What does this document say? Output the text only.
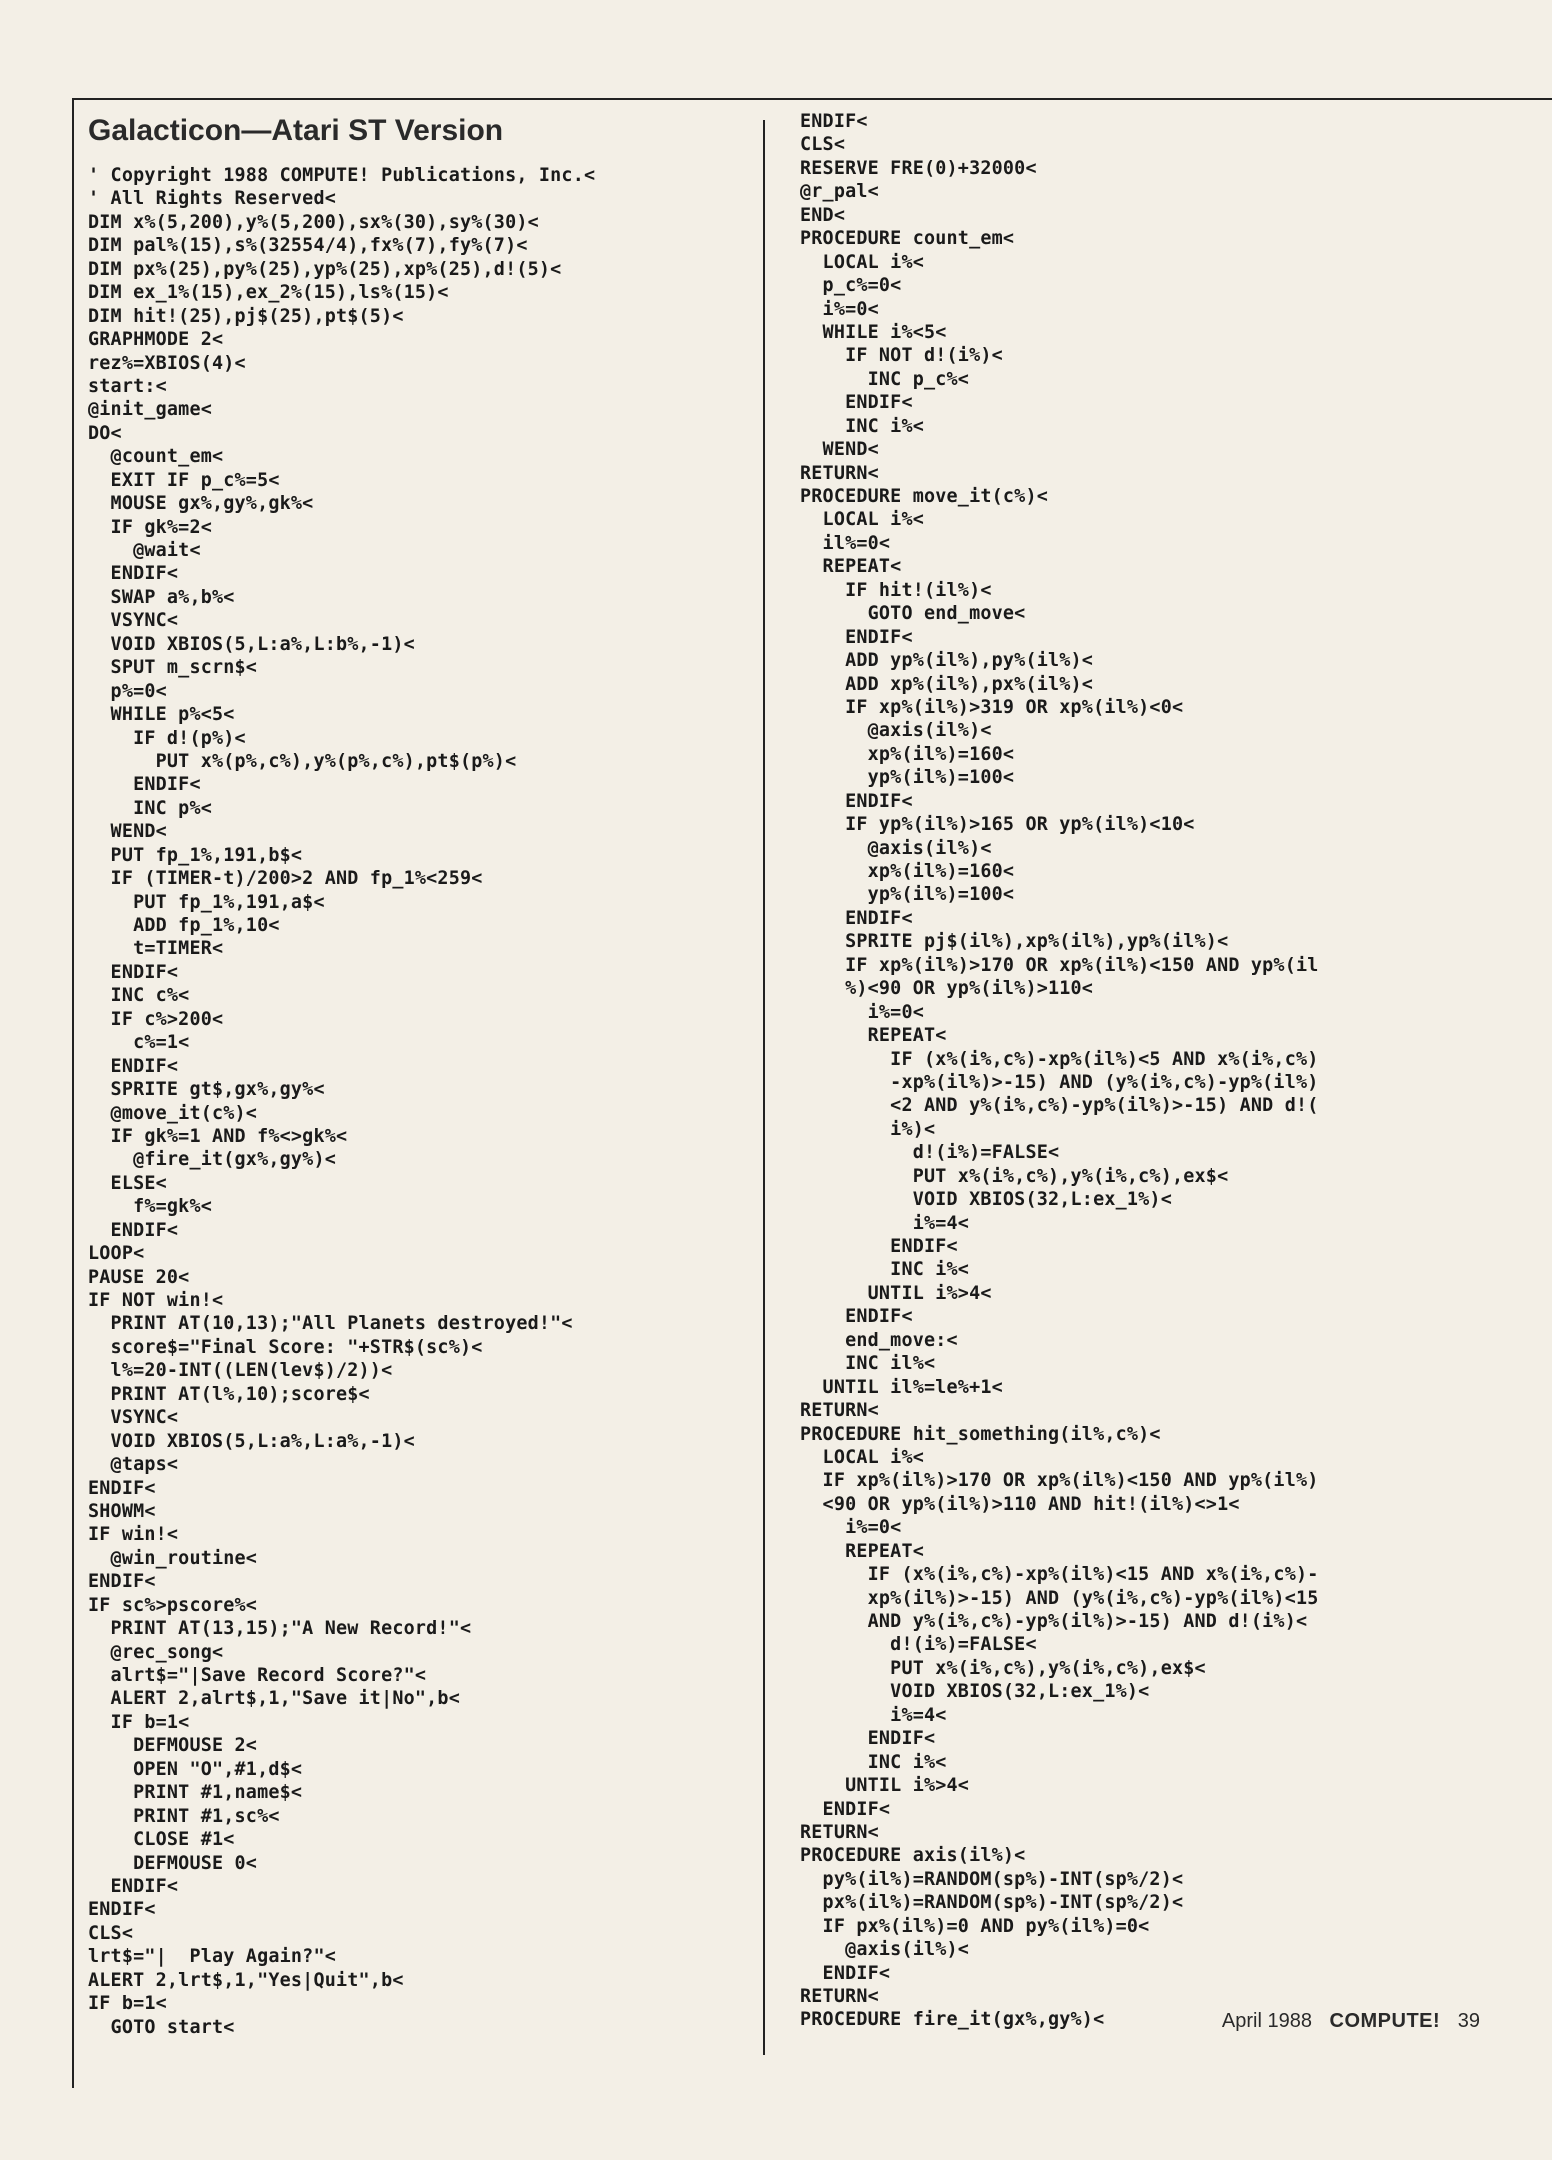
Galacticon—Atari ST Version
' Copyright 1988 COMPUTE! Publications, Inc.<
' All Rights Reserved<
DIM x%(5,200),y%(5,200),sx%(30),sy%(30)<
DIM pal%(15),s%(32554/4),fx%(7),fy%(7)<
DIM px%(25),py%(25),yp%(25),xp%(25),d!(5)<
DIM ex_1%(15),ex_2%(15),ls%(15)<
DIM hit!(25),pj$(25),pt$(5)<
GRAPHMODE 2<
rez%=XBIOS(4)<
start:<
@init_game<
DO<
@count_em<
EXIT IF p_c%=5<
MOUSE gx%,gy%,gk%<
IF gk%=2<
@wait<
ENDIF<
SWAP a%,b%<
VSYNC<
VOID XBIOS(5,L:a%,L:b%,-1)<
SPUT m_scrn$<
p%=0<
WHILE p%<5<
IF d!(p%)<
PUT x%(p%,c%),y%(p%,c%),pt$(p%)<
ENDIF<
INC p%<
WEND<
PUT fp_1%,191,b$<
IF (TIMER-t)/200>2 AND fp_1%<259<
PUT fp_1%,191,a$<
ADD fp_1%,10<
t=TIMER<
ENDIF<
INC c%<
IF c%>200<
c%=1<
ENDIF<
SPRITE gt$,gx%,gy%<
@move_it(c%)<
IF gk%=1 AND f%<>gk%<
@fire_it(gx%,gy%)<
ELSE<
f%=gk%<
ENDIF<
LOOP<
PAUSE 20<
IF NOT win!<
PRINT AT(10,13);"All Planets destroyed!"<
score$="Final Score: "+STR$(sc%)<
l%=20-INT((LEN(lev$)/2))<
PRINT AT(l%,10);score$<
VSYNC<
VOID XBIOS(5,L:a%,L:a%,-1)<
@taps<
ENDIF<
SHOWM<
IF win!<
@win_routine<
ENDIF<
IF sc%>pscore%<
PRINT AT(13,15);"A New Record!"<
@rec_song<
alrt$="|Save Record Score?"<
ALERT 2,alrt$,1,"Save it|No",b<
IF b=1<
DEFMOUSE 2<
OPEN "O",#1,d$<
PRINT #1,name$<
PRINT #1,sc%<
CLOSE #1<
DEFMOUSE 0<
ENDIF<
ENDIF<
CLS<
lrt$="|  Play Again?"<
ALERT 2,lrt$,1,"Yes|Quit",b<
IF b=1<
GOTO start<
ENDIF<
CLS<
RESERVE FRE(0)+32000<
@r_pal<
END<
PROCEDURE count_em<
LOCAL i%<
p_c%=0<
i%=0<
WHILE i%<5<
IF NOT d!(i%)<
INC p_c%<
ENDIF<
INC i%<
WEND<
RETURN<
PROCEDURE move_it(c%)<
LOCAL i%<
il%=0<
REPEAT<
IF hit!(il%)<
GOTO end_move<
ENDIF<
ADD yp%(il%),py%(il%)<
ADD xp%(il%),px%(il%)<
IF xp%(il%)>319 OR xp%(il%)<0<
@axis(il%)<
xp%(il%)=160<
yp%(il%)=100<
ENDIF<
IF yp%(il%)>165 OR yp%(il%)<10<
@axis(il%)<
xp%(il%)=160<
yp%(il%)=100<
ENDIF<
SPRITE pj$(il%),xp%(il%),yp%(il%)<
IF xp%(il%)>170 OR xp%(il%)<150 AND yp%(il
%)<90 OR yp%(il%)>110<
i%=0<
REPEAT<
IF (x%(i%,c%)-xp%(il%)<5 AND x%(i%,c%)
-xp%(il%)>-15) AND (y%(i%,c%)-yp%(il%)
<2 AND y%(i%,c%)-yp%(il%)>-15) AND d!(
i%)<
d!(i%)=FALSE<
PUT x%(i%,c%),y%(i%,c%),ex$<
VOID XBIOS(32,L:ex_1%)<
i%=4<
ENDIF<
INC i%<
UNTIL i%>4<
ENDIF<
end_move:<
INC il%<
UNTIL il%=le%+1<
RETURN<
PROCEDURE hit_something(il%,c%)<
LOCAL i%<
IF xp%(il%)>170 OR xp%(il%)<150 AND yp%(il%)
<90 OR yp%(il%)>110 AND hit!(il%)<>1<
i%=0<
REPEAT<
IF (x%(i%,c%)-xp%(il%)<15 AND x%(i%,c%)-
xp%(il%)>-15) AND (y%(i%,c%)-yp%(il%)<15
AND y%(i%,c%)-yp%(il%)>-15) AND d!(i%)<
d!(i%)=FALSE<
PUT x%(i%,c%),y%(i%,c%),ex$<
VOID XBIOS(32,L:ex_1%)<
i%=4<
ENDIF<
INC i%<
UNTIL i%>4<
ENDIF<
RETURN<
PROCEDURE axis(il%)<
py%(il%)=RANDOM(sp%)-INT(sp%/2)<
px%(il%)=RANDOM(sp%)-INT(sp%/2)<
IF px%(il%)=0 AND py%(il%)=0<
@axis(il%)<
ENDIF<
RETURN<
PROCEDURE fire_it(gx%,gy%)<	April 1988 COMPUTE! 39
